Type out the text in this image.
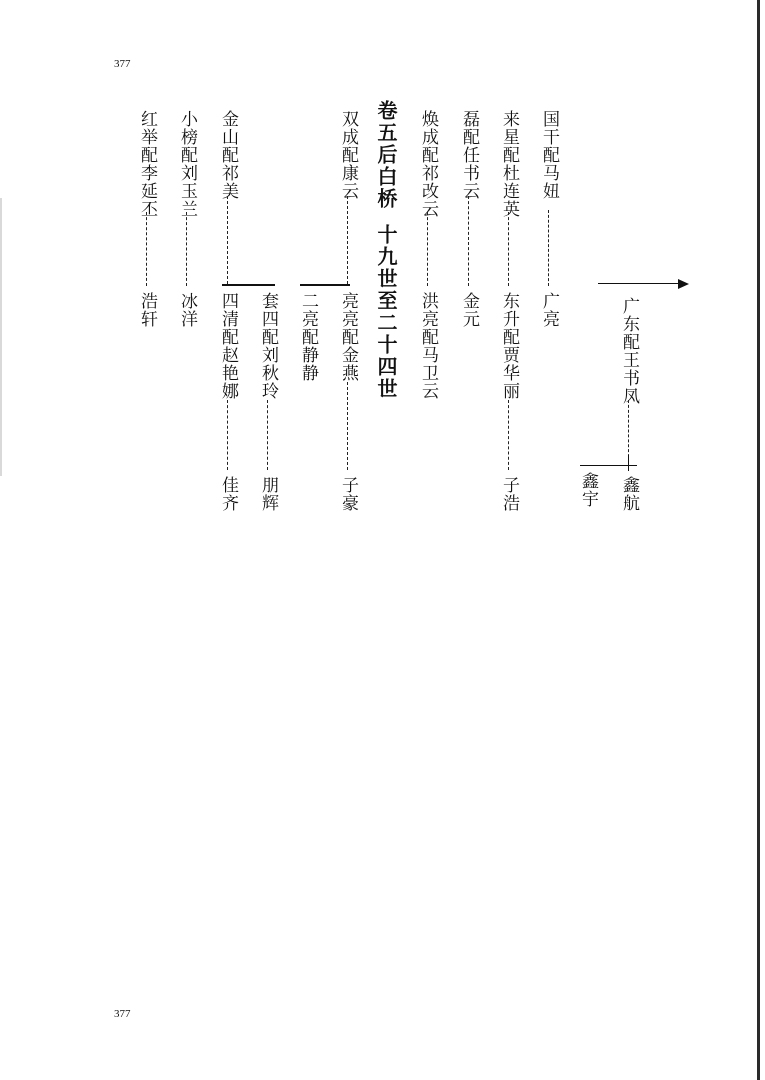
377
国干配马妞
广亮
来星配杜连英
东升配贾华丽
子浩
磊配任书云
金元
焕成配祁改云
洪亮配马卫云
卷五后白桥十九世至二十四世
双成配康云
亮亮配金燕
子豪
二亮配静静
金山配祁美
套四配刘秋玲
朋辉
四清配赵艳娜
佳齐
小榜配刘玉兰
冰洋
红举配李延丕
浩轩	广东配王书凤
鑫航
鑫宇
377
